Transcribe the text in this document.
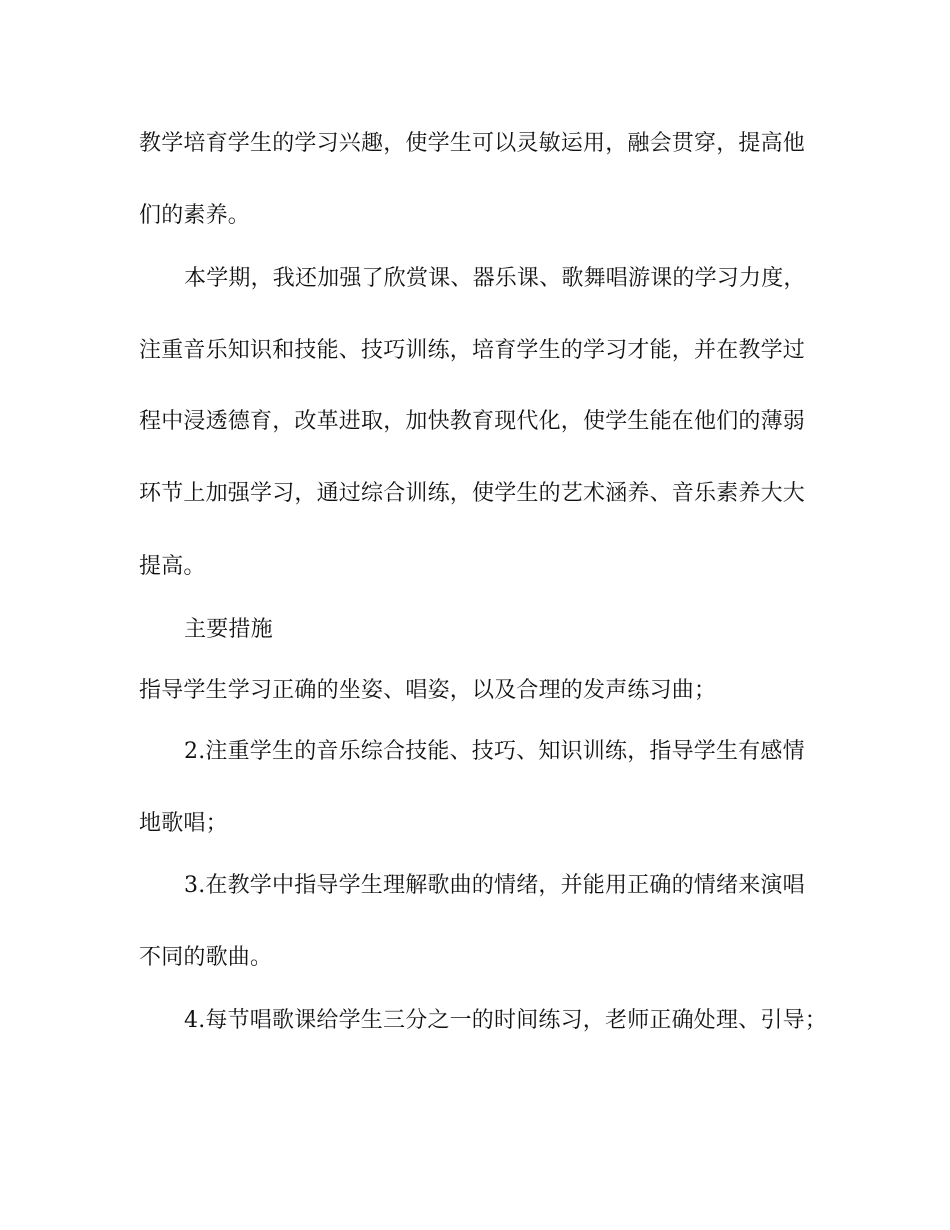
教学培育学生的学习兴趣，使学生可以灵敏运用，融会贯穿，提高他
们的素养。
本学期，我还加强了欣赏课、器乐课、歌舞唱游课的学习力度，
注重音乐知识和技能、技巧训练，培育学生的学习才能，并在教学过
程中浸透德育，改革进取，加快教育现代化，使学生能在他们的薄弱
环节上加强学习，通过综合训练，使学生的艺术涵养、音乐素养大大
提高。
主要措施
指导学生学习正确的坐姿、唱姿，以及合理的发声练习曲；
2.注重学生的音乐综合技能、技巧、知识训练，指导学生有感情
地歌唱；
3.在教学中指导学生理解歌曲的情绪，并能用正确的情绪来演唱
不同的歌曲。
4.每节唱歌课给学生三分之一的时间练习，老师正确处理、引导；
